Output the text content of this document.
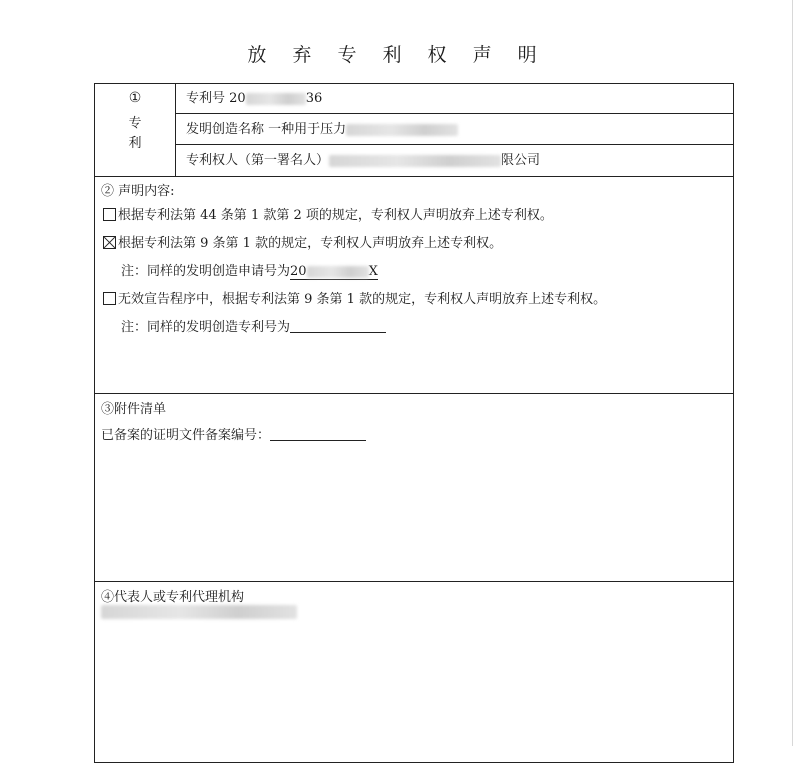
放 弃 专 利 权 声 明
①
专
利
专利号 20	36
发明创造名称 一种用于压力
专利权人（第一署名人）	限公司
② 声明内容:
根据专利法第 44 条第 1 款第 2 项的规定，专利权人声明放弃上述专利权。
根据专利法第 9 条第 1 款的规定，专利权人声明放弃上述专利权。
注：同样的发明创造申请号为20	X
无效宣告程序中，根据专利法第 9 条第 1 款的规定，专利权人声明放弃上述专利权。
注：同样的发明创造专利号为
③附件清单
已备案的证明文件备案编号：
④代表人或专利代理机构
